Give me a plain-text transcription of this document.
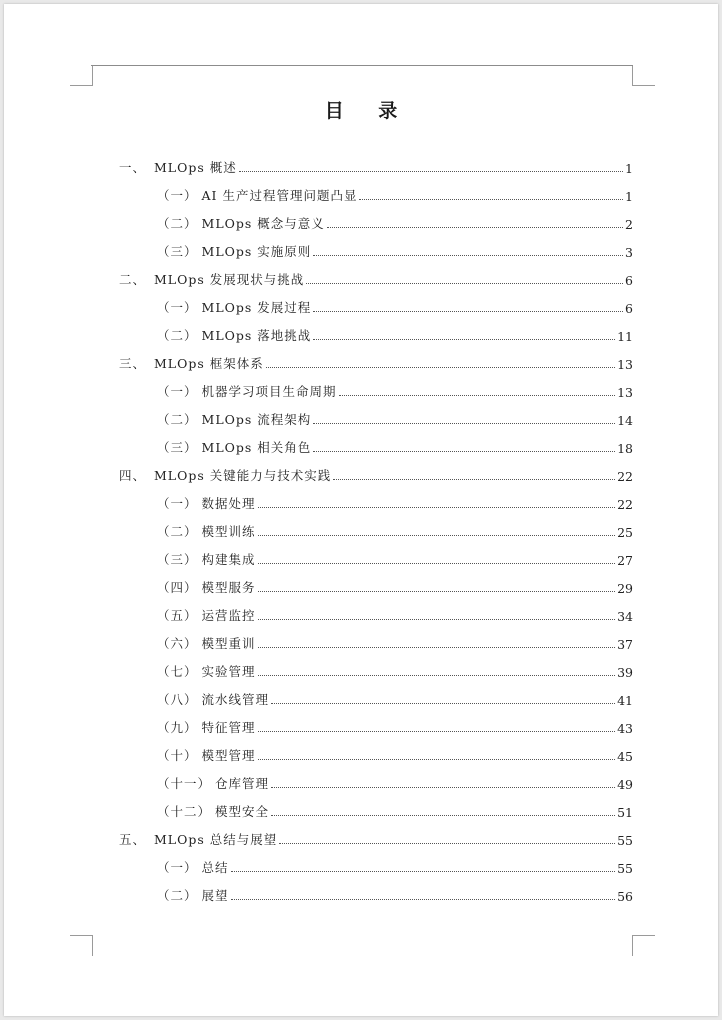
目 录
一、 MLOps 概述	1
（一） AI 生产过程管理问题凸显	1
（二） MLOps 概念与意义	2
（三） MLOps 实施原则	3
二、 MLOps 发展现状与挑战	6
（一） MLOps 发展过程	6
（二） MLOps 落地挑战	11
三、 MLOps 框架体系	13
（一） 机器学习项目生命周期	13
（二） MLOps 流程架构	14
（三） MLOps 相关角色	18
四、 MLOps 关键能力与技术实践	22
（一） 数据处理	22
（二） 模型训练	25
（三） 构建集成	27
（四） 模型服务	29
（五） 运营监控	34
（六） 模型重训	37
（七） 实验管理	39
（八） 流水线管理	41
（九） 特征管理	43
（十） 模型管理	45
（十一） 仓库管理	49
（十二） 模型安全	51
五、 MLOps 总结与展望	55
（一） 总结	55
（二） 展望	56
